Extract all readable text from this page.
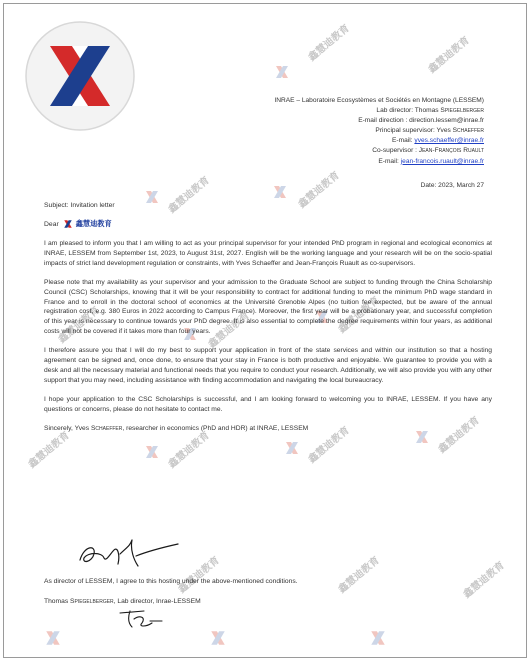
鑫慧迪教育	鑫慧迪教育
鑫慧迪教育	鑫慧迪教育
鑫慧迪教育	鑫慧迪教育	鑫慧迪教育
鑫慧迪教育	鑫慧迪教育	鑫慧迪教育	鑫慧迪教育
鑫慧迪教育	鑫慧迪教育	鑫慧迪教育
INRAE – Laboratoire Ecosystèmes et Sociétés en Montagne (LESSEM)
Lab director: Thomas Spiegelberger
E-mail direction : direction.lessem@inrae.fr
Principal supervisor: Yves Schaeffer
E-mail: yves.schaeffer@inrae.fr
Co-supervisor : Jean-François Ruault
E-mail: jean-francois.ruault@inrae.fr
Date: 2023, March 27
Subject: Invitation letter
Dear 鑫慧迪教育

I am pleased to inform you that I am willing to act as your principal supervisor for your intended PhD program in regional and ecological economics at INRAE, LESSEM from September 1st, 2023, to August 31st, 2027. English will be the working language and your research will be on the socio-spatial impacts of strict land development regulation or constraints, with Yves Schaeffer and Jean-François Ruault as co-supervisors.

Please note that my availability as your supervisor and your admission to the Graduate School are subject to funding through the China Scholarship Council (CSC) Scholarships, knowing that it will be your responsibility to contract for additional funding to meet the minimum PhD wage standard in France and to enroll in the doctoral school of economics at the Université Grenoble Alpes (no tuition fee expected, but be aware of the annual registration cost, e.g. 380 Euros in 2022 according to Campus France). Moreover, the first year will be a probationary year, and successful completion of this year is necessary to continue towards your PhD degree. It is also essential to complete the degree requirements within four years, as additional costs will not be covered if it takes more than four years.

I therefore assure you that I will do my best to support your application in front of the state services and within our institution so that a hosting agreement can be signed and, once done, to ensure that your stay in France is both productive and enjoyable. We guarantee to provide you with a desk and all the necessary material and functional needs that you require to conduct your research. Additionally, we will also provide you with any other support that you may need, including assistance with finding accommodation and navigating the local bureaucracy.

I hope your application to the CSC Scholarships is successful, and I am looking forward to welcoming you to INRAE, LESSEM. If you have any questions or concerns, please do not hesitate to contact me.

Sincerely, Yves Schaeffer, researcher in economics (PhD and HDR) at INRAE, LESSEM

As director of LESSEM, I agree to this hosting under the above-mentioned conditions.
Thomas Spiegelberger, Lab director, Inrae-LESSEM
